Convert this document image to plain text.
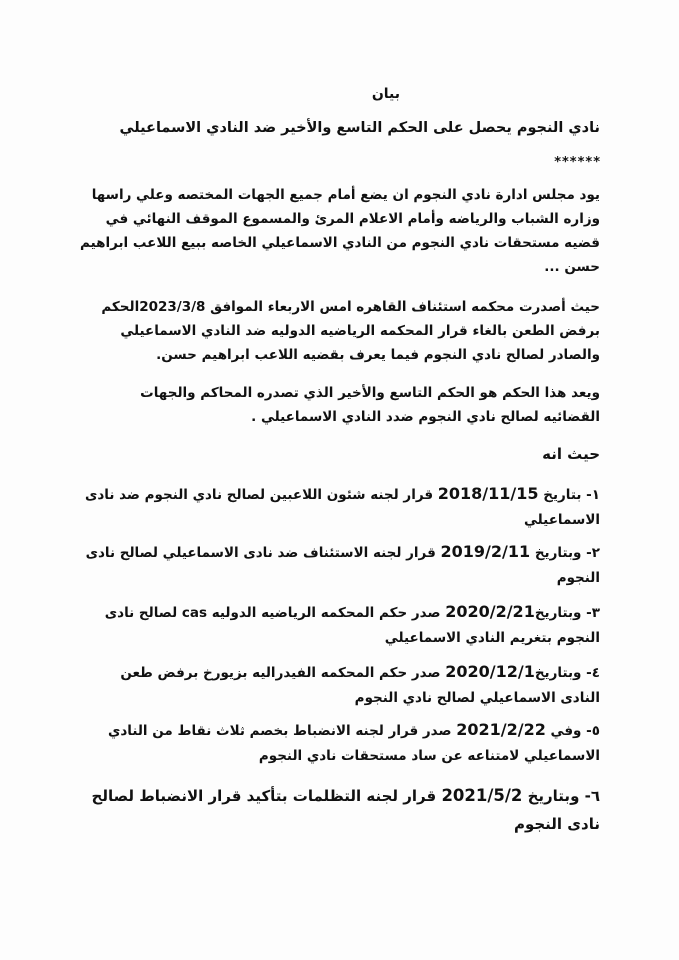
بيان
نادي النجوم يحصل على الحكم التاسع والأخير ضد النادي الاسماعيلي
******
يود مجلس ادارة نادي النجوم ان يضع أمام جميع الجهات المختصه وعلي راسها وزاره الشباب والرياضه وأمام الاعلام المرئ والمسموع الموقف النهائي في قضيه مستحقات نادي النجوم من النادي الاسماعيلي الخاصه ببيع اللاعب ابراهيم حسن ...
حيث أصدرت محكمه استئناف القاهره امس الاربعاء الموافق 2023/3/8الحكم برفض الطعن بالغاء قرار المحكمه الرياضيه الدوليه ضد النادي الاسماعيلي والصادر لصالح نادي النجوم فيما يعرف بقضيه اللاعب ابراهيم حسن.
ويعد هذا الحكم هو الحكم التاسع والأخير الذي تصدره المحاكم والجهات القضائيه لصالح نادي النجوم ضدد النادي الاسماعيلي .
حيث انه
١- بتاريخ 2018/11/15 قرار لجنه شئون اللاعبين لصالح نادي النجوم ضد نادى الاسماعيلي
٢- وبتاريخ 2019/2/11 قرار لجنه الاستئناف ضد نادى الاسماعيلي لصالح نادى النجوم
٣- وبتاريخ2020/2/21 صدر حكم المحكمه الرياضيه الدوليه cas لصالح نادى النجوم بتغريم النادي الاسماعيلي
٤- وبتاريخ2020/12/1 صدر حكم المحكمه الفيدراليه بزيورخ برفض طعن النادى الاسماعيلي لصالح نادي النجوم
٥- وفي 2021/2/22 صدر قرار لجنه الانضباط بخصم ثلاث نقاط من النادي الاسماعيلي لامتناعه عن ساد مستحقات نادي النجوم
٦- وبتاريخ 2021/5/2 قرار لجنه التظلمات بتأكيد قرار الانضباط لصالح نادى النجوم
